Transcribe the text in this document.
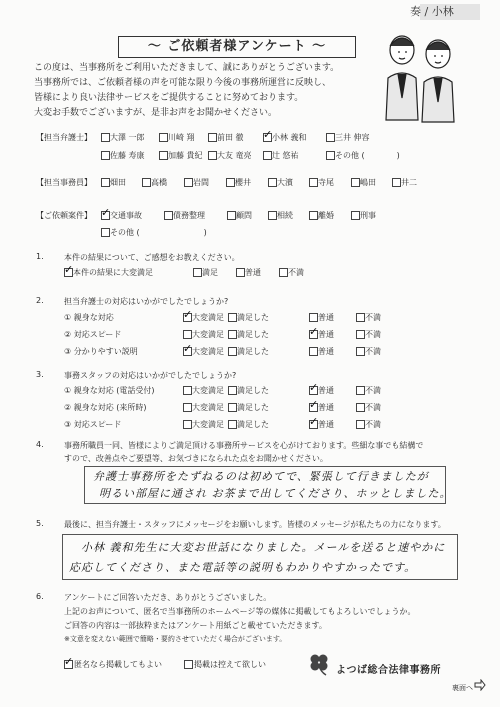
奏 / 小林
〜 ご依頼者様アンケート 〜
この度は、当事務所をご利用いただきまして、誠にありがとうございます。
当事務所では、ご依頼者様の声を可能な限り今後の事務所運営に反映し、
皆様により良い法律サービスをご提供することに努めております。
大変お手数でございますが、是非お声をお聞かせください。
【担当弁護士】 大澤 一郎	川崎 翔	前田 徹 ✓	小林 義和	三井 伸容
佐藤 寿康	加藤 貴紀 大友 竜亮	辻 悠祐	その他 (　　　　)
【担当事務員】 畑田	高橋	岩間	櫻井	大濱	寺尾	嶋田	井二
【ご依頼案件】 ✓ 交通事故	債務整理	顧問	相続	離婚	刑事
その他 (　　　　　　　　)
1.	本件の結果について、ご感想をお教えください。
✓
本件の結果に大変満足	満足	普通	不満
2.	担当弁護士の対応はいかがでしたでしょうか?
① 親身な対応 ✓	大変満足 満足した	普通	不満
② 対応スピード	大変満足 満足した ✓	普通	不満
③ 分かりやすい説明 ✓	大変満足 満足した	普通	不満
3.	事務スタッフの対応はいかがでしたでしょうか?
① 親身な対応 (電話受付)	大変満足 満足した ✓	普通	不満
② 親身な対応 (来所時)	大変満足 満足した ✓	普通	不満
③ 対応スピード	大変満足 満足した ✓	普通	不満
4.	事務所職員一同、皆様によりご満足頂ける事務所サービスを心がけております。些細な事でも結構で
すので、改善点やご要望等、お気づきになられた点をお聞かせください。
弁護士事務所をたずねるのは初めてで、緊張して行きましたが
明るい部屋に通され お茶まで出してくださり、ホッとしました。
5.	最後に、担当弁護士・スタッフにメッセージをお願いします。皆様のメッセージが私たちの力になります。
小林 義和先生に大変お世話になりました。メールを送ると速やかに
応応してくださり、また電話等の説明もわかりやすかったです。
6.	アンケートにご回答いただき、ありがとうございました。
上記のお声について、匿名で当事務所のホームページ等の媒体に掲載してもよろしいでしょうか。
ご回答の内容は一部抜粋またはアンケート用紙ごと載せていただきます。
※文意を変えない範囲で簡略・要約させていただく場合がございます。
✓
匿名なら掲載してもよい	掲載は控えて欲しい
よつば総合法律事務所
裏面へ
